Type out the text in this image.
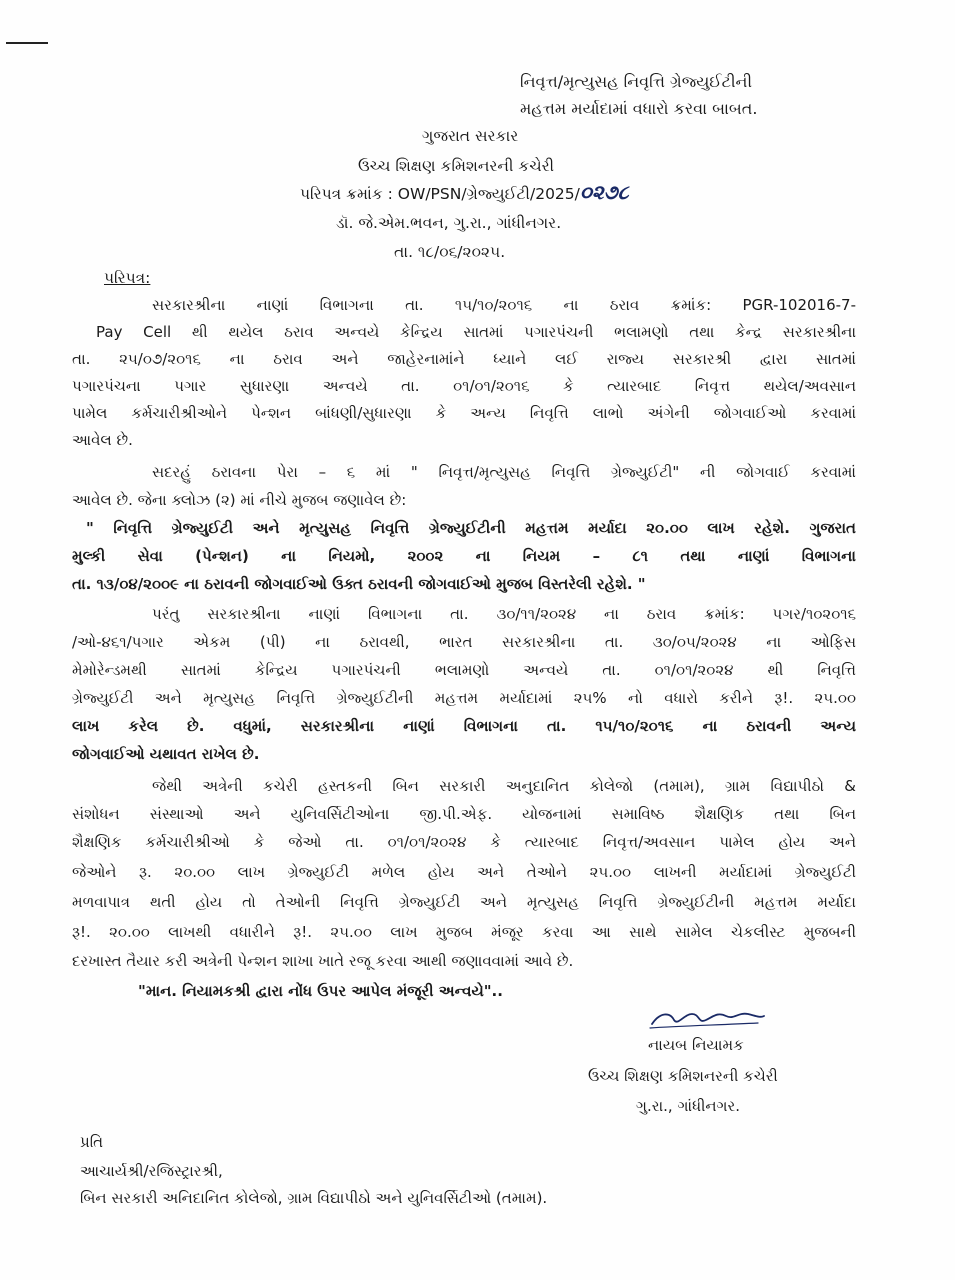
નિવૃત્ત/મૃત્યુસહ નિવૃત્તિ ગ્રેજ્યુઈટીની
મહત્તમ મર્યાદામાં વધારો કરવા બાબત.
ગુજરાત સરકાર
ઉચ્ચ શિક્ષણ કમિશનરની કચેરી
પરિપત્ર ક્રમાંક : OW/PSN/ગ્રેજ્યુઈટી/2025/૦૨૭૮
ડૉ. જે.એમ.ભવન, ગુ.રા., ગાંધીનગર.
તા. ૧૮/૦૬/૨૦૨૫.
પરિપત્ર:
સરકારશ્રીના નાણાં વિભાગના તા. ૧૫/૧૦/૨૦૧૬ ના ઠરાવ ક્રમાંક: PGR-102016-7-
Pay Cell થી થયેલ ઠરાવ અન્વયે કેન્દ્રિય સાતમાં પગારપંચની ભલામણો તથા કેન્દ્ર સરકારશ્રીના
તા. ૨૫/૦૭/૨૦૧૬ ના ઠરાવ અને જાહેરનામાંને ધ્યાને લઈ રાજ્ય સરકારશ્રી દ્વારા સાતમાં
પગારપંચના પગાર સુધારણા અન્વયે તા. ૦૧/૦૧/૨૦૧૬ કે ત્યારબાદ નિવૃત્ત થયેલ/અવસાન
પામેલ કર્મચારીશ્રીઓને પેન્શન બાંધણી/સુધારણા કે અન્ય નિવૃત્તિ લાભો અંગેની જોગવાઈઓ કરવામાં
આવેલ છે.
સદરહું ઠરાવના પેરા – ૬ માં " નિવૃત્ત/મૃત્યુસહ નિવૃત્તિ ગ્રેજ્યુઈટી" ની જોગવાઈ કરવામાં
આવેલ છે. જેના ક્લોઝ (૨) માં નીચે મુજબ જણાવેલ છે:
" નિવૃત્તિ ગ્રેજ્યુઈટી અને મૃત્યુસહ નિવૃત્તિ ગ્રેજ્યુઈટીની મહત્તમ મર્યાદા ૨૦.૦૦ લાખ રહેશે. ગુજરાત
મુલ્કી સેવા (પેન્શન) ના નિયમો, ૨૦૦૨ ના નિયમ – ૮૧ તથા નાણાં વિભાગના
તા. ૧૩/૦૪/૨૦૦૯ ના ઠરાવની જોગવાઈઓ ઉક્ત ઠરાવની જોગવાઈઓ મુજબ વિસ્તરેલી રહેશે. "
પરંતુ સરકારશ્રીના નાણાં વિભાગના તા. ૩૦/૧૧/૨૦૨૪ ના ઠરાવ ક્રમાંક: પગર/૧૦૨૦૧૬
/ઓ-૪૬૧/પગાર એકમ (પી) ના ઠરાવથી, ભારત સરકારશ્રીના તા. ૩૦/૦૫/૨૦૨૪ ના ઓફિસ
મેમોરેન્ડમથી સાતમાં કેન્દ્રિય પગારપંચની ભલામણો અન્વયે તા. ૦૧/૦૧/૨૦૨૪ થી નિવૃત્તિ
ગ્રેજ્યુઈટી અને મૃત્યુસહ નિવૃત્તિ ગ્રેજ્યુઈટીની મહત્તમ મર્યાદામાં ૨૫% નો વધારો કરીને રૂ!. ૨૫.૦૦
લાખ કરેલ છે. વધુમાં, સરકારશ્રીના નાણાં વિભાગના તા. ૧૫/૧૦/૨૦૧૬ ના ઠરાવની અન્ય
જોગવાઈઓ યથાવત રાખેલ છે.
જેથી અત્રેની કચેરી હસ્તકની બિન સરકારી અનુદાનિત કોલેજો (તમામ), ગ્રામ વિદ્યાપીઠો &
સંશોધન સંસ્થાઓ અને યુનિવર્સિટીઓના જી.પી.એફ. યોજનામાં સમાવિષ્ઠ શૈક્ષણિક તથા બિન
શૈક્ષણિક કર્મચારીશ્રીઓ કે જેઓ તા. ૦૧/૦૧/૨૦૨૪ કે ત્યારબાદ નિવૃત્ત/અવસાન પામેલ હોય અને
જેઓને રૂ. ૨૦.૦૦ લાખ ગ્રેજ્યુઈટી મળેલ હોય અને તેઓને ૨૫.૦૦ લાખની મર્યાદામાં ગ્રેજ્યુઈટી
મળવાપાત્ર થતી હોય તો તેઓની નિવૃત્તિ ગ્રેજ્યુઈટી અને મૃત્યુસહ નિવૃત્તિ ગ્રેજ્યુઈટીની મહત્તમ મર્યાદા
રૂ!. ૨૦.૦૦ લાખથી વધારીને રૂ!. ૨૫.૦૦ લાખ મુજબ મંજૂર કરવા આ સાથે સામેલ ચેકલીસ્ટ મુજબની
દરખાસ્ત તૈયાર કરી અત્રેની પેન્શન શાખા ખાતે રજૂ કરવા આથી જણાવવામાં આવે છે.
"માન. નિયામકશ્રી દ્વારા નોંધ ઉપર આપેલ મંજૂરી અન્વયે"..
નાયબ નિયામક
ઉચ્ચ શિક્ષણ કમિશનરની કચેરી
ગુ.રા., ગાંધીનગર.
પ્રતિ
આચાર્યશ્રી/રજિસ્ટ્રારશ્રી,
બિન સરકારી અનિદાનિત કોલેજો, ગ્રામ વિદ્યાપીઠો અને યુનિવર્સિટીઓ (તમામ).
